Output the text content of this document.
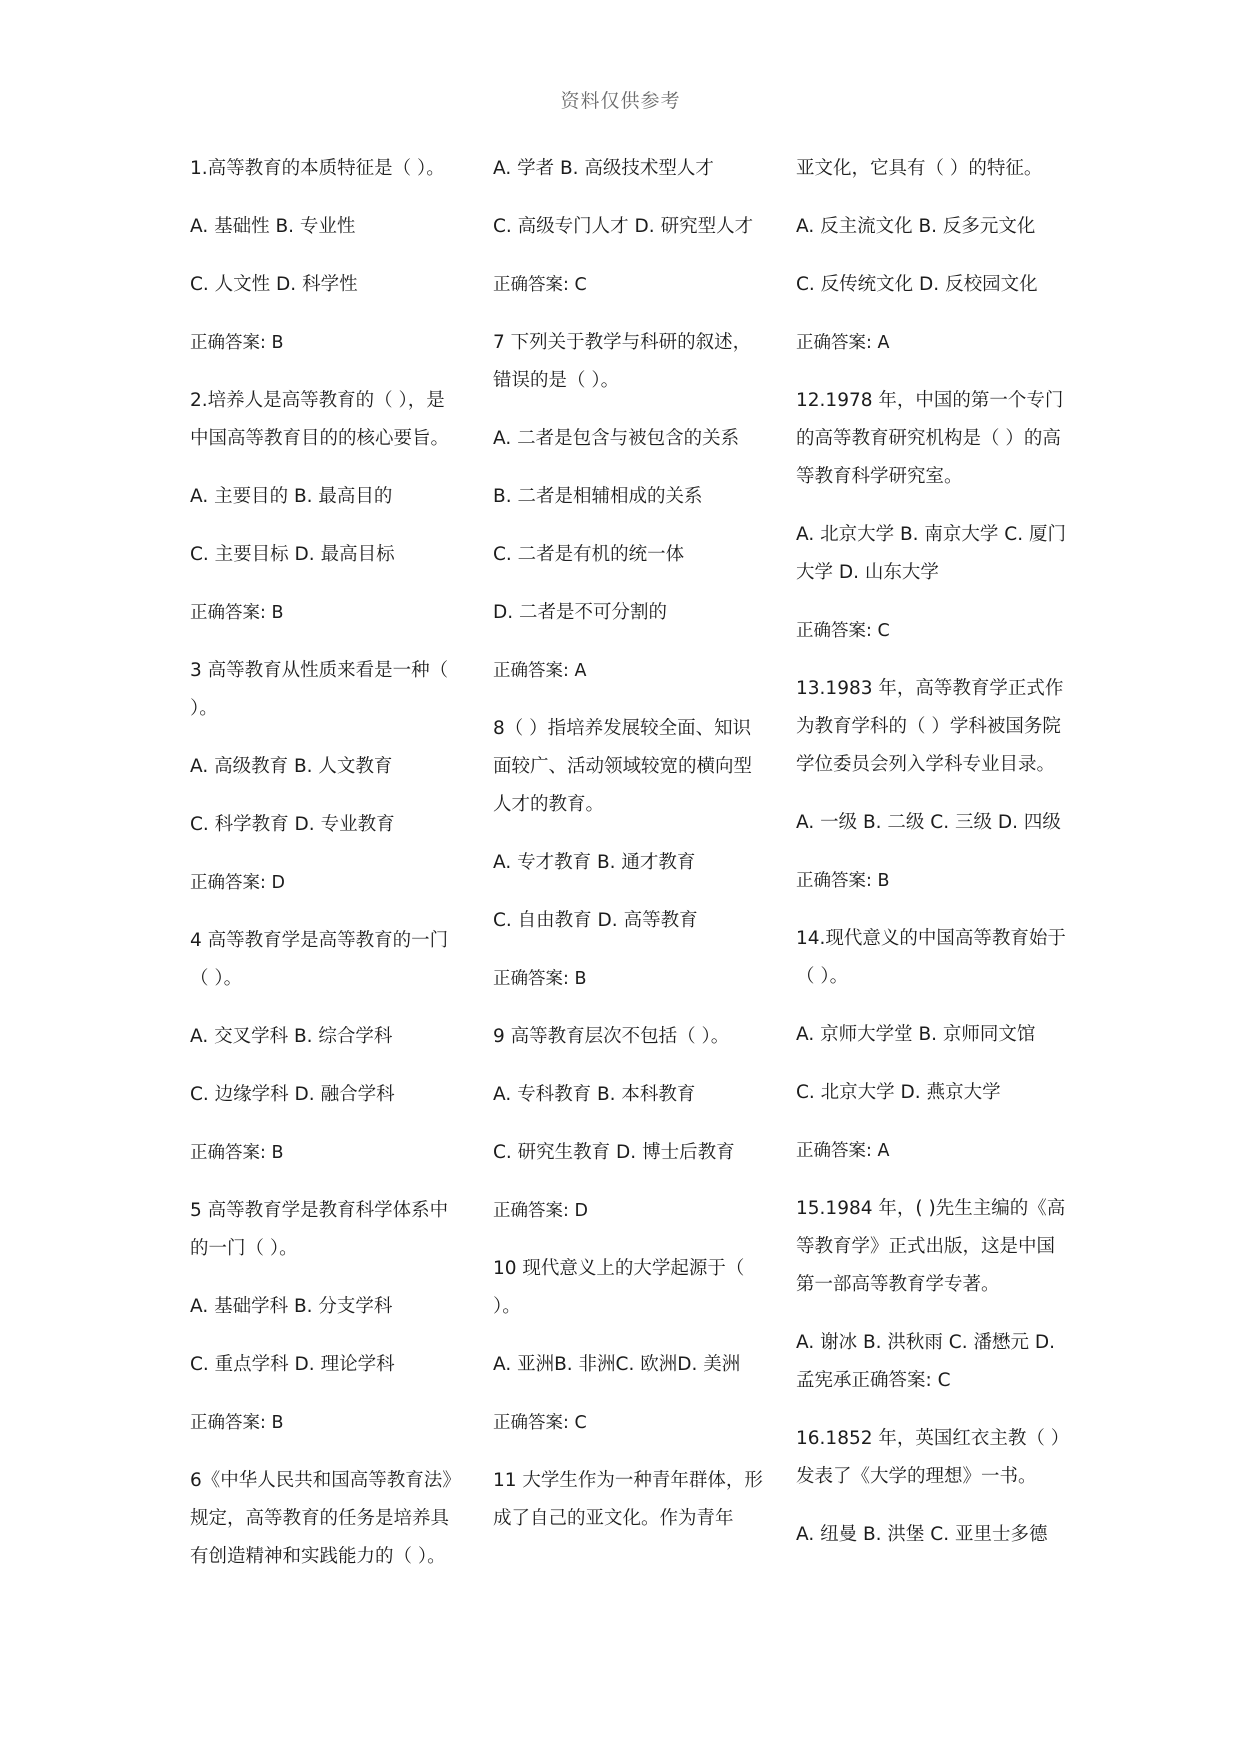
资料仅供参考

1.高等教育的本质特征是（ ）。

A. 基础性 B. 专业性

C. 人文性 D. 科学性

正确答案: B

2.培养人是高等教育的（ ），是中国高等教育目的的核心要旨。

A. 主要目的 B. 最高目的

C. 主要目标 D. 最高目标

正确答案: B

3 高等教育从性质来看是一种（ ）。

A. 高级教育 B. 人文教育

C. 科学教育 D. 专业教育

正确答案: D

4 高等教育学是高等教育的一门（ ）。

A. 交叉学科 B. 综合学科

C. 边缘学科 D. 融合学科

正确答案: B

5 高等教育学是教育科学体系中的一门（ ）。

A. 基础学科 B. 分支学科

C. 重点学科 D. 理论学科

正确答案: B

6《中华人民共和国高等教育法》规定，高等教育的任务是培养具有创造精神和实践能力的（ ）。

A. 学者 B. 高级技术型人才

C. 高级专门人才 D. 研究型人才

正确答案: C

7 下列关于教学与科研的叙述，错误的是（ ）。

A. 二者是包含与被包含的关系

B. 二者是相辅相成的关系

C. 二者是有机的统一体

D. 二者是不可分割的

正确答案: A

8（ ）指培养发展较全面、知识面较广、活动领域较宽的横向型人才的教育。

A. 专才教育 B. 通才教育

C. 自由教育 D. 高等教育

正确答案: B

9 高等教育层次不包括（ ）。

A. 专科教育 B. 本科教育

C. 研究生教育 D. 博士后教育

正确答案: D

10 现代意义上的大学起源于（ ）。

A. 亚洲B. 非洲C. 欧洲D. 美洲

正确答案: C

11 大学生作为一种青年群体，形成了自己的亚文化。作为青年

亚文化，它具有（ ）的特征。

A. 反主流文化 B. 反多元文化

C. 反传统文化 D. 反校园文化

正确答案: A

12.1978 年，中国的第一个专门的高等教育研究机构是（ ）的高等教育科学研究室。

A. 北京大学 B. 南京大学 C. 厦门大学 D. 山东大学

正确答案: C

13.1983 年，高等教育学正式作为教育学科的（ ）学科被国务院学位委员会列入学科专业目录。

A. 一级 B. 二级 C. 三级 D. 四级

正确答案: B

14.现代意义的中国高等教育始于（ ）。

A. 京师大学堂 B. 京师同文馆

C. 北京大学 D. 燕京大学

正确答案: A

15.1984 年，( )先生主编的《高等教育学》正式出版，这是中国第一部高等教育学专著。

A. 谢冰 B. 洪秋雨 C. 潘懋元 D. 孟宪承正确答案: C

16.1852 年，英国红衣主教（ ）发表了《大学的理想》一书。

A. 纽曼 B. 洪堡 C. 亚里士多德
